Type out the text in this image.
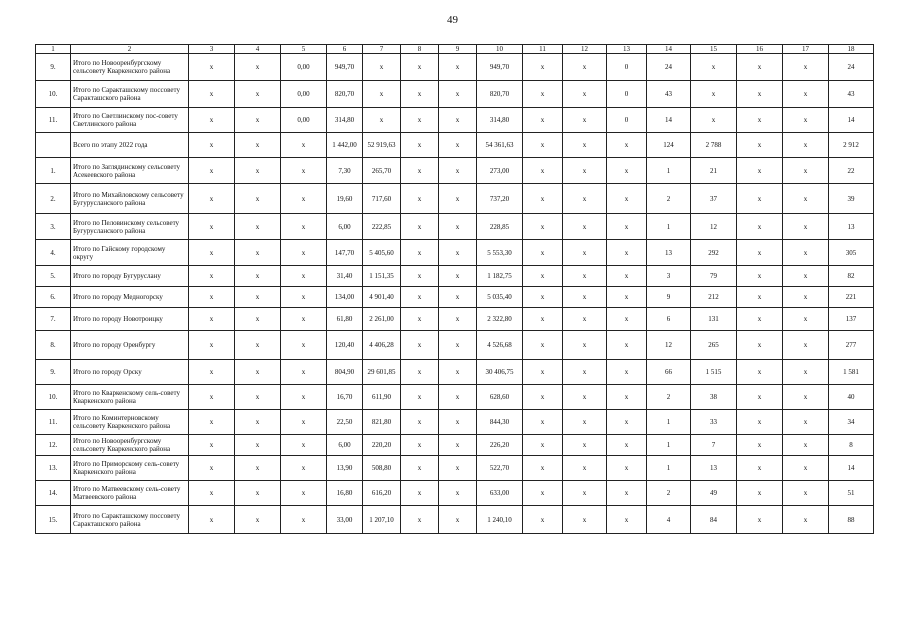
49
1	2	3	4	5	6	7	8	9	10	11	12	13	14	15	16	17	18
9.	Итого по Новооренбургскому сельсовету Кваркенского района	x	x	0,00	949,70	x	x	x	949,70	x	x	0	24	x	x	x	24
10.	Итого по Саракташскому поссовету Саракташского района	x	x	0,00	820,70	x	x	x	820,70	x	x	0	43	x	x	x	43
11.	Итого по Светлинскому пос-совету Светлинского района	x	x	0,00	314,80	x	x	x	314,80	x	x	0	14	x	x	x	14
	Всего по этапу 2022 года	x	x	x	1 442,00	52 919,63	x	x	54 361,63	x	x	x	124	2 788	x	x	2 912
1.	Итого по Заглядинскому сельсовету Асекеевского района	x	x	x	7,30	265,70	x	x	273,00	x	x	x	1	21	x	x	22
2.	Итого по Михайловскому сельсовету Бугурусланского района	x	x	x	19,60	717,60	x	x	737,20	x	x	x	2	37	x	x	39
3.	Итого по Пеловинскому сельсовету Бугурусланского района	x	x	x	6,00	222,85	x	x	228,85	x	x	x	1	12	x	x	13
4.	Итого по Гайскому городскому округу	x	x	x	147,70	5 405,60	x	x	5 553,30	x	x	x	13	292	x	x	305
5.	Итого по городу Бугуруслану	x	x	x	31,40	1 151,35	x	x	1 182,75	x	x	x	3	79	x	x	82
6.	Итого по городу Медногорску	x	x	x	134,00	4 901,40	x	x	5 035,40	x	x	x	9	212	x	x	221
7.	Итого по городу Новотроицку	x	x	x	61,80	2 261,00	x	x	2 322,80	x	x	x	6	131	x	x	137
8.	Итого по городу Оренбургу	x	x	x	120,40	4 406,28	x	x	4 526,68	x	x	x	12	265	x	x	277
9.	Итого по городу Орску	x	x	x	804,90	29 601,85	x	x	30 406,75	x	x	x	66	1 515	x	x	1 581
10.	Итого по Кваркенскому сель-совету Кваркенского района	x	x	x	16,70	611,90	x	x	628,60	x	x	x	2	38	x	x	40
11.	Итого по Коминтерновскому сельсовету Кваркенского района	x	x	x	22,50	821,80	x	x	844,30	x	x	x	1	33	x	x	34
12.	Итого по Новооренбургскому сельсовету Кваркенского района	x	x	x	6,00	220,20	x	x	226,20	x	x	x	1	7	x	x	8
13.	Итого по Приморскому сель-совету Кваркенского района	x	x	x	13,90	508,80	x	x	522,70	x	x	x	1	13	x	x	14
14.	Итого по Матвеевскому сель-совету Матвеевского района	x	x	x	16,80	616,20	x	x	633,00	x	x	x	2	49	x	x	51
15.	Итого по Саракташскому поссовету Саракташского района	x	x	x	33,00	1 207,10	x	x	1 240,10	x	x	x	4	84	x	x	88
